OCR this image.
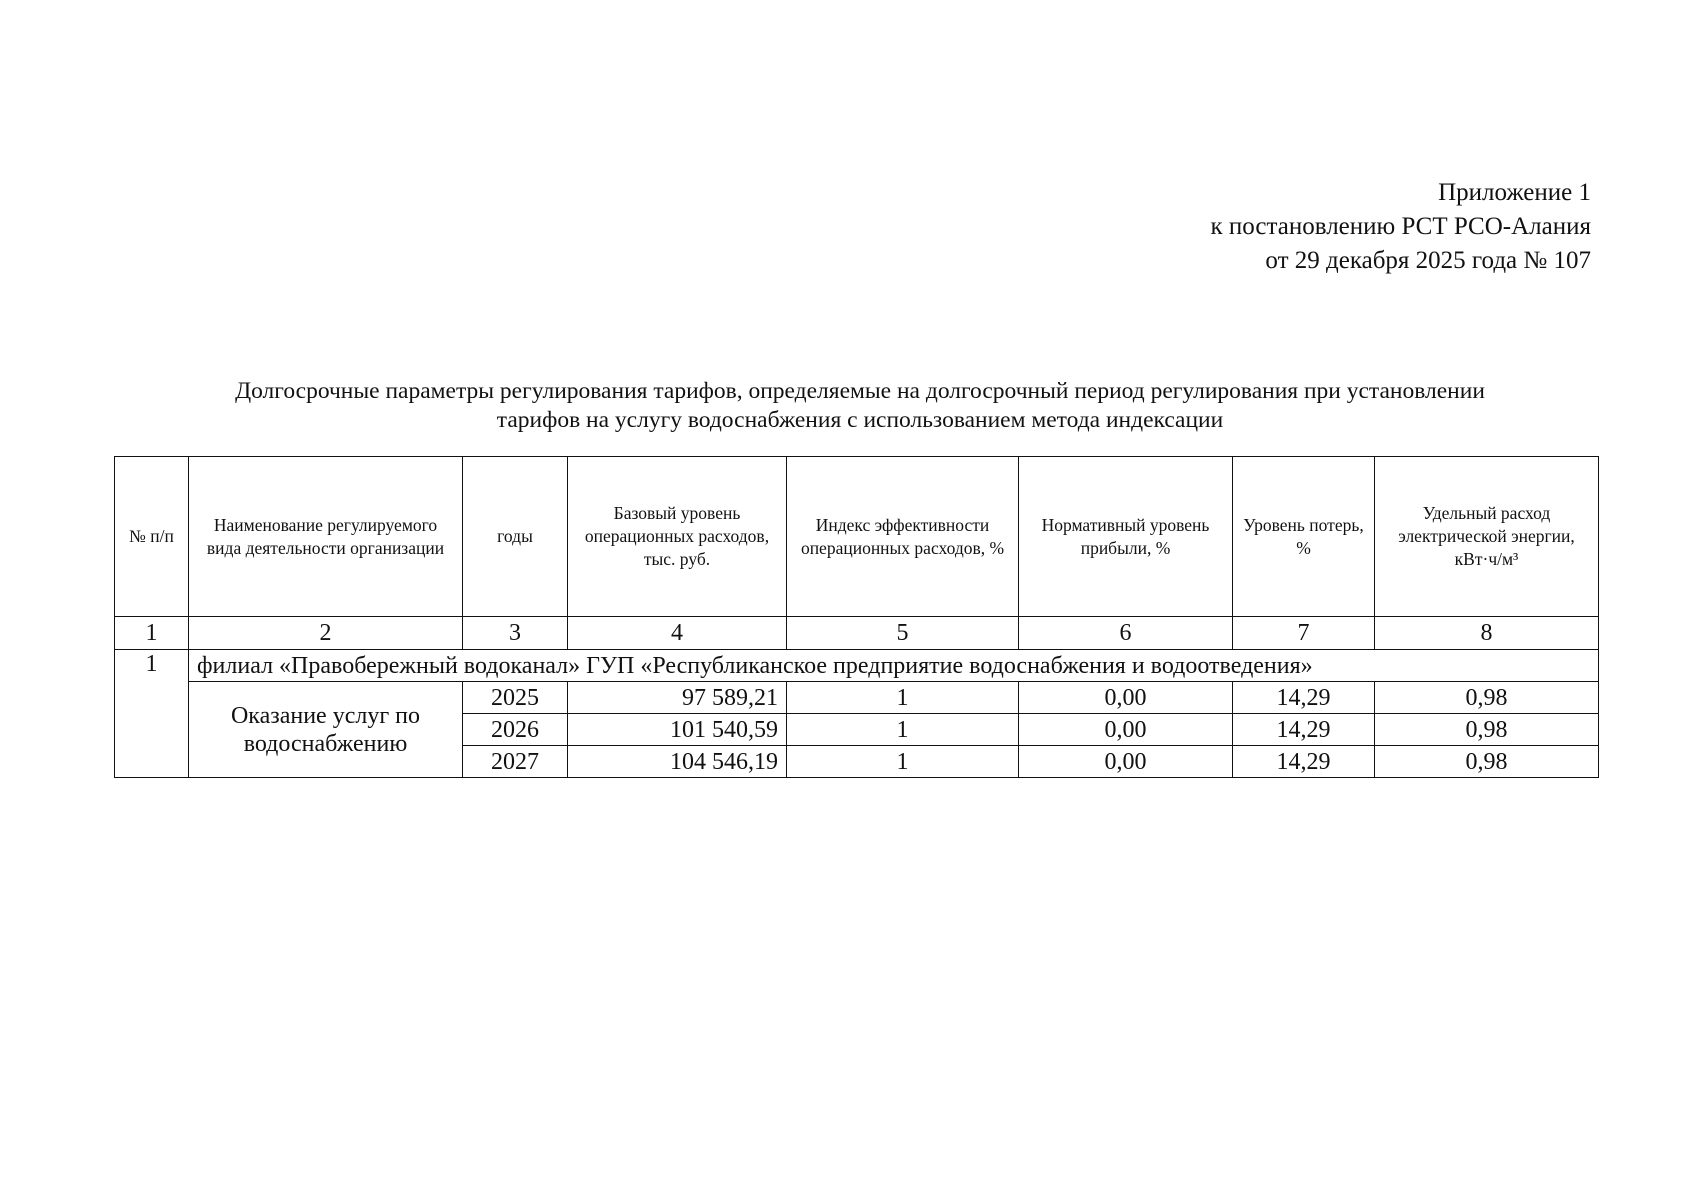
Приложение 1
к постановлению РСТ РСО-Алания
от 29 декабря 2025 года № 107
Долгосрочные параметры регулирования тарифов, определяемые на долгосрочный период регулирования при установлении
тарифов на услугу водоснабжения с использованием метода индексации
№ п/п	Наименование регулируемого вида деятельности организации	годы	Базовый уровень операционных расходов, тыс. руб.	Индекс эффективности операционных расходов, %	Нормативный уровень прибыли, %	Уровень потерь, %	Удельный расход электрической энергии, кВт·ч/м³
1	2	3	4	5	6	7	8
1	филиал «Правобережный водоканал» ГУП «Республиканское предприятие водоснабжения и водоотведения»						
	Оказание услуг по водоснабжению	2025	97 589,21	1	0,00	14,29	0,98
		2026	101 540,59	1	0,00	14,29	0,98
		2027	104 546,19	1	0,00	14,29	0,98
